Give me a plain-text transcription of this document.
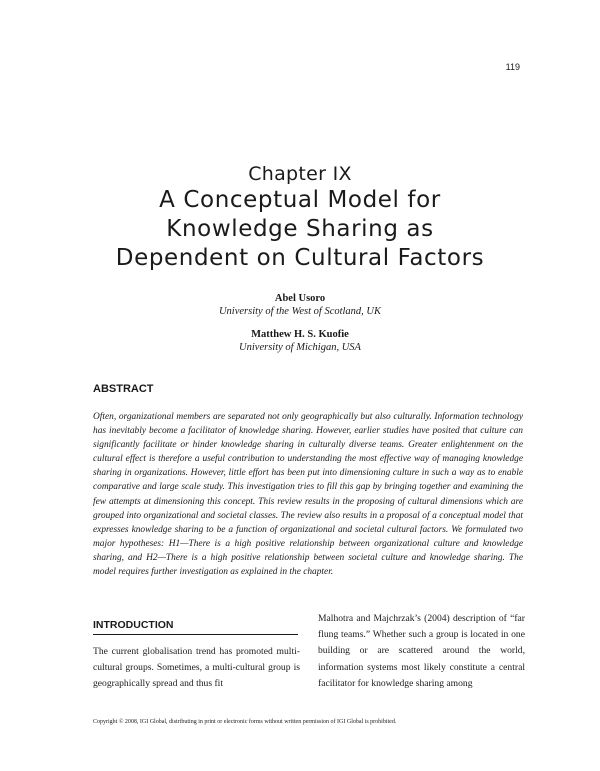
119
Chapter IX
A Conceptual Model for
Knowledge Sharing as
Dependent on Cultural Factors
Abel Usoro
University of the West of Scotland, UK
Matthew H. S. Kuofie
University of Michigan, USA
ABSTRACT
Often, organizational members are separated not only geographically but also culturally. Information technology has inevitably become a facilitator of knowledge sharing. However, earlier studies have posited that culture can significantly facilitate or hinder knowledge sharing in culturally diverse teams. Greater enlightenment on the cultural effect is therefore a useful contribution to understanding the most effective way of managing knowledge sharing in organizations. However, little effort has been put into dimensioning culture in such a way as to enable comparative and large scale study. This investigation tries to fill this gap by bringing together and examining the few attempts at dimensioning this concept. This review results in the proposing of cultural dimensions which are grouped into organizational and societal classes. The review also results in a proposal of a conceptual model that expresses knowledge sharing to be a function of organizational and societal cultural factors. We formulated two major hypotheses: H1—There is a high positive relationship between organizational culture and knowledge sharing, and H2—There is a high positive relationship between societal culture and knowledge sharing. The model requires further investigation as explained in the chapter.
INTRODUCTION
The current globalisation trend has promoted multi-cultural groups. Sometimes, a multi-cultural group is geographically spread and thus fit
Malhotra and Majchrzak’s (2004) description of “far flung teams.” Whether such a group is located in one building or are scattered around the world, information systems most likely constitute a central facilitator for knowledge sharing among
Copyright © 2008, IGI Global, distributing in print or electronic forms without written permission of IGI Global is prohibited.
